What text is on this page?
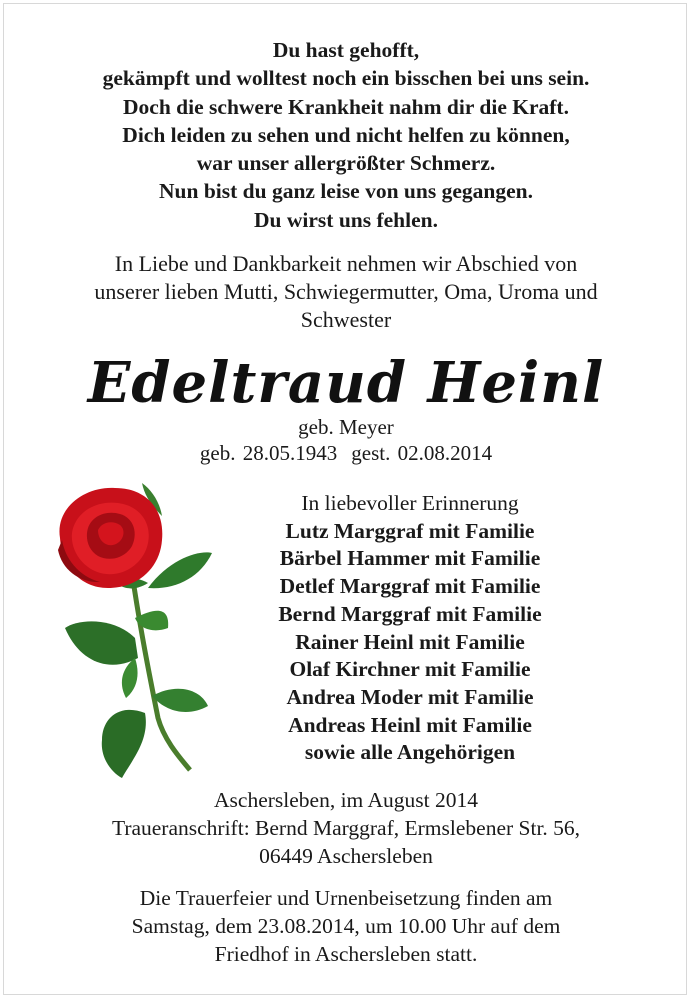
Du hast gehofft,
gekämpft und wolltest noch ein bisschen bei uns sein.
Doch die schwere Krankheit nahm dir die Kraft.
Dich leiden zu sehen und nicht helfen zu können,
war unser allergrößter Schmerz.
Nun bist du ganz leise von uns gegangen.
Du wirst uns fehlen.
In Liebe und Dankbarkeit nehmen wir Abschied von
unserer lieben Mutti, Schwiegermutter, Oma, Uroma und
Schwester
Edeltraud Heinl
geb. Meyer
geb. 28.05.1943 gest. 02.08.2014
In liebevoller Erinnerung
Lutz Marggraf mit Familie
Bärbel Hammer mit Familie
Detlef Marggraf mit Familie
Bernd Marggraf mit Familie
Rainer Heinl mit Familie
Olaf Kirchner mit Familie
Andrea Moder mit Familie
Andreas Heinl mit Familie
sowie alle Angehörigen
Aschersleben, im August 2014
Traueranschrift: Bernd Marggraf, Ermslebener Str. 56,
06449 Aschersleben
Die Trauerfeier und Urnenbeisetzung finden am
Samstag, dem 23.08.2014, um 10.00 Uhr auf dem
Friedhof in Aschersleben statt.
